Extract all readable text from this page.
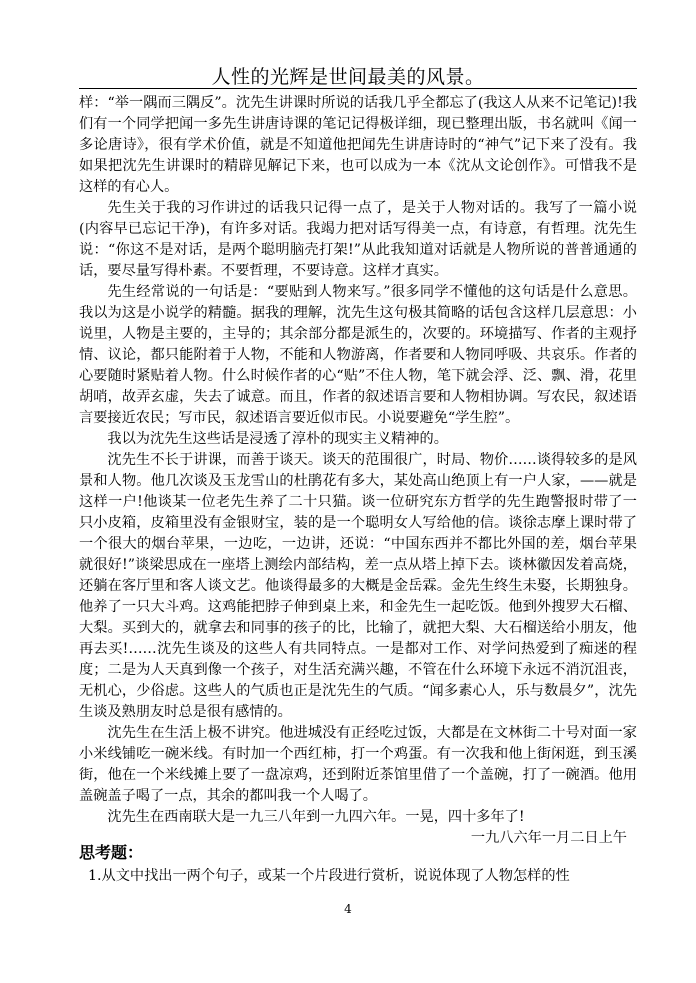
人性的光辉是世间最美的风景。

样：“举一隅而三隅反”。沈先生讲课时所说的话我几乎全都忘了(我这人从来不记笔记)!我们有一个同学把闻一多先生讲唐诗课的笔记记得极详细，现已整理出版，书名就叫《闻一多论唐诗》，很有学术价值，就是不知道他把闻先生讲唐诗时的“神气”记下来了没有。我如果把沈先生讲课时的精辟见解记下来，也可以成为一本《沈从文论创作》。可惜我不是这样的有心人。

先生关于我的习作讲过的话我只记得一点了，是关于人物对话的。我写了一篇小说(内容早已忘记干净)，有许多对话。我竭力把对话写得美一点，有诗意，有哲理。沈先生说：“你这不是对话，是两个聪明脑壳打架!”从此我知道对话就是人物所说的普普通通的话，要尽量写得朴素。不要哲理，不要诗意。这样才真实。

先生经常说的一句话是：“要贴到人物来写。”很多同学不懂他的这句话是什么意思。我以为这是小说学的精髓。据我的理解，沈先生这句极其简略的话包含这样几层意思：小说里，人物是主要的，主导的；其余部分都是派生的，次要的。环境描写、作者的主观抒情、议论，都只能附着于人物，不能和人物游离，作者要和人物同呼吸、共哀乐。作者的心要随时紧贴着人物。什么时候作者的心“贴”不住人物，笔下就会浮、泛、飘、滑，花里胡哨，故弄玄虚，失去了诚意。而且，作者的叙述语言要和人物相协调。写农民，叙述语言要接近农民；写市民，叙述语言要近似市民。小说要避免“学生腔”。

我以为沈先生这些话是浸透了淳朴的现实主义精神的。

沈先生不长于讲课，而善于谈天。谈天的范围很广，时局、物价……谈得较多的是风景和人物。他几次谈及玉龙雪山的杜鹃花有多大，某处高山绝顶上有一户人家，——就是这样一户!他谈某一位老先生养了二十只猫。谈一位研究东方哲学的先生跑警报时带了一只小皮箱，皮箱里没有金银财宝，装的是一个聪明女人写给他的信。谈徐志摩上课时带了一个很大的烟台苹果，一边吃，一边讲，还说：“中国东西并不都比外国的差，烟台苹果就很好!”谈梁思成在一座塔上测绘内部结构，差一点从塔上掉下去。谈林徽因发着高烧，还躺在客厅里和客人谈文艺。他谈得最多的大概是金岳霖。金先生终生未娶，长期独身。他养了一只大斗鸡。这鸡能把脖子伸到桌上来，和金先生一起吃饭。他到外搜罗大石榴、大梨。买到大的，就拿去和同事的孩子的比，比输了，就把大梨、大石榴送给小朋友，他再去买!……沈先生谈及的这些人有共同特点。一是都对工作、对学问热爱到了痴迷的程度；二是为人天真到像一个孩子，对生活充满兴趣，不管在什么环境下永远不消沉沮丧，无机心，少俗虑。这些人的气质也正是沈先生的气质。“闻多素心人，乐与数晨夕”，沈先生谈及熟朋友时总是很有感情的。

沈先生在生活上极不讲究。他进城没有正经吃过饭，大都是在文林街二十号对面一家小米线铺吃一碗米线。有时加一个西红柿，打一个鸡蛋。有一次我和他上街闲逛，到玉溪街，他在一个米线摊上要了一盘凉鸡，还到附近茶馆里借了一个盖碗，打了一碗酒。他用盖碗盖子喝了一点，其余的都叫我一个人喝了。

沈先生在西南联大是一九三八年到一九四六年。一晃，四十多年了!

一九八六年一月二日上午
思考题：
1.从文中找出一两个句子，或某一个片段进行赏析，说说体现了人物怎样的性
4
